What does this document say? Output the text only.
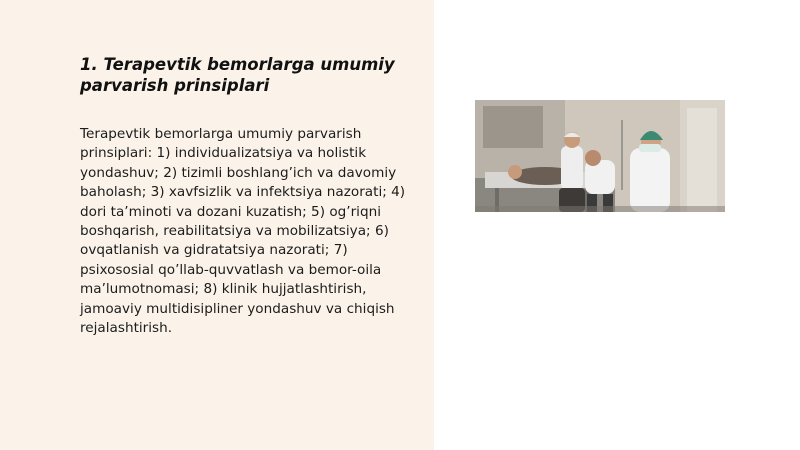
1. Terapevtik bemorlarga umumiy parvarish prinsiplari

Terapevtik bemorlarga umumiy parvarish prinsiplari: 1) individualizatsiya va holistik yondashuv; 2) tizimli boshlang’ich va davomiy baholash; 3) xavfsizlik va infektsiya nazorati; 4) dori ta’minoti va dozani kuzatish; 5) og’riqni boshqarish, reabilitatsiya va mobilizatsiya; 6) ovqatlanish va gidratatsiya nazorati; 7) psixososial qo’llab-quvvatlash va bemor-oila ma’lumotnomasi; 8) klinik hujjatlashtirish, jamoaviy multidisipliner yondashuv va chiqish rejalashtirish.
